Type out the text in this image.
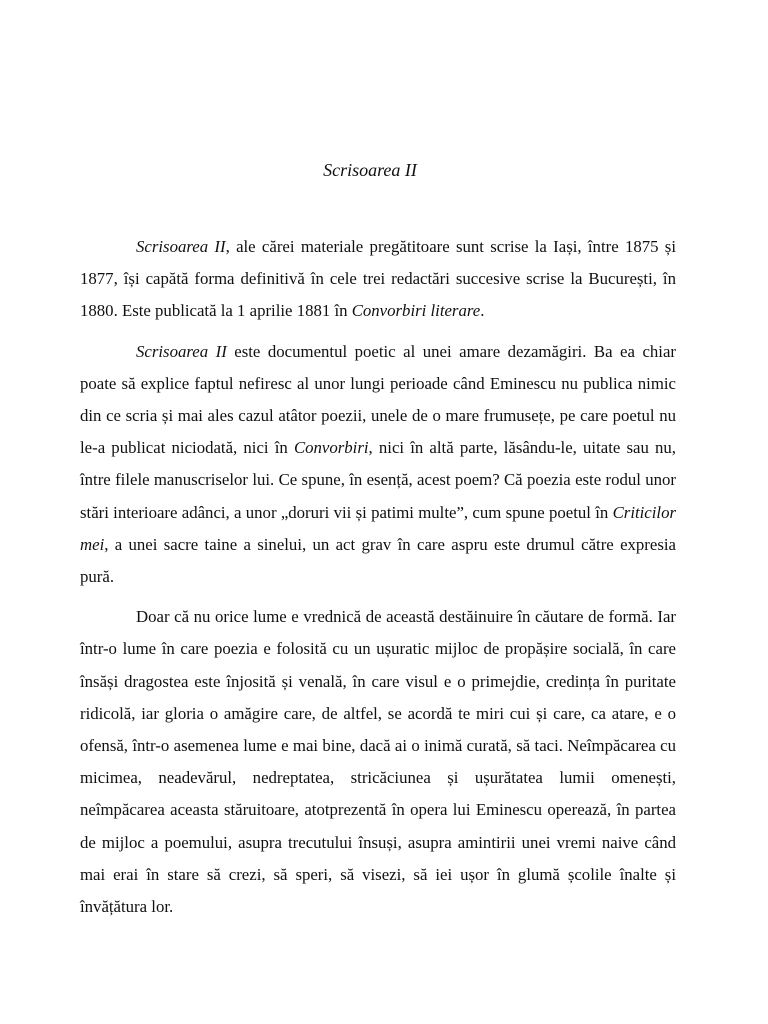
Scrisoarea II

Scrisoarea II, ale cărei materiale pregătitoare sunt scrise la Iași, între 1875 și 1877, își capătă forma definitivă în cele trei redactări succesive scrise la București, în 1880. Este publicată la 1 aprilie 1881 în Convorbiri literare.

Scrisoarea II este documentul poetic al unei amare dezamăgiri. Ba ea chiar poate să explice faptul nefiresc al unor lungi perioade când Eminescu nu publica nimic din ce scria și mai ales cazul atâtor poezii, unele de o mare frumusețe, pe care poetul nu le-a publicat niciodată, nici în Convorbiri, nici în altă parte, lăsându-le, uitate sau nu, între filele manuscriselor lui. Ce spune, în esență, acest poem? Că poezia este rodul unor stări interioare adânci, a unor „doruri vii și patimi multe”, cum spune poetul în Criticilor mei, a unei sacre taine a sinelui, un act grav în care aspru este drumul către expresia pură.

Doar că nu orice lume e vrednică de această destăinuire în căutare de formă. Iar într-o lume în care poezia e folosită cu un ușuratic mijloc de propășire socială, în care însăși dragostea este înjosită și venală, în care visul e o primejdie, credința în puritate ridicolă, iar gloria o amăgire care, de altfel, se acordă te miri cui și care, ca atare, e o ofensă, într-o asemenea lume e mai bine, dacă ai o inimă curată, să taci. Neîmpăcarea cu micimea, neadevărul, nedreptatea, stricăciunea și ușurătatea lumii omenești, neîmpăcarea aceasta stăruitoare, atotprezentă în opera lui Eminescu operează, în partea de mijloc a poemului, asupra trecutului însuși, asupra amintirii unei vremi naive când mai erai în stare să crezi, să speri, să visezi, să iei ușor în glumă școlile înalte și învățătura lor.
